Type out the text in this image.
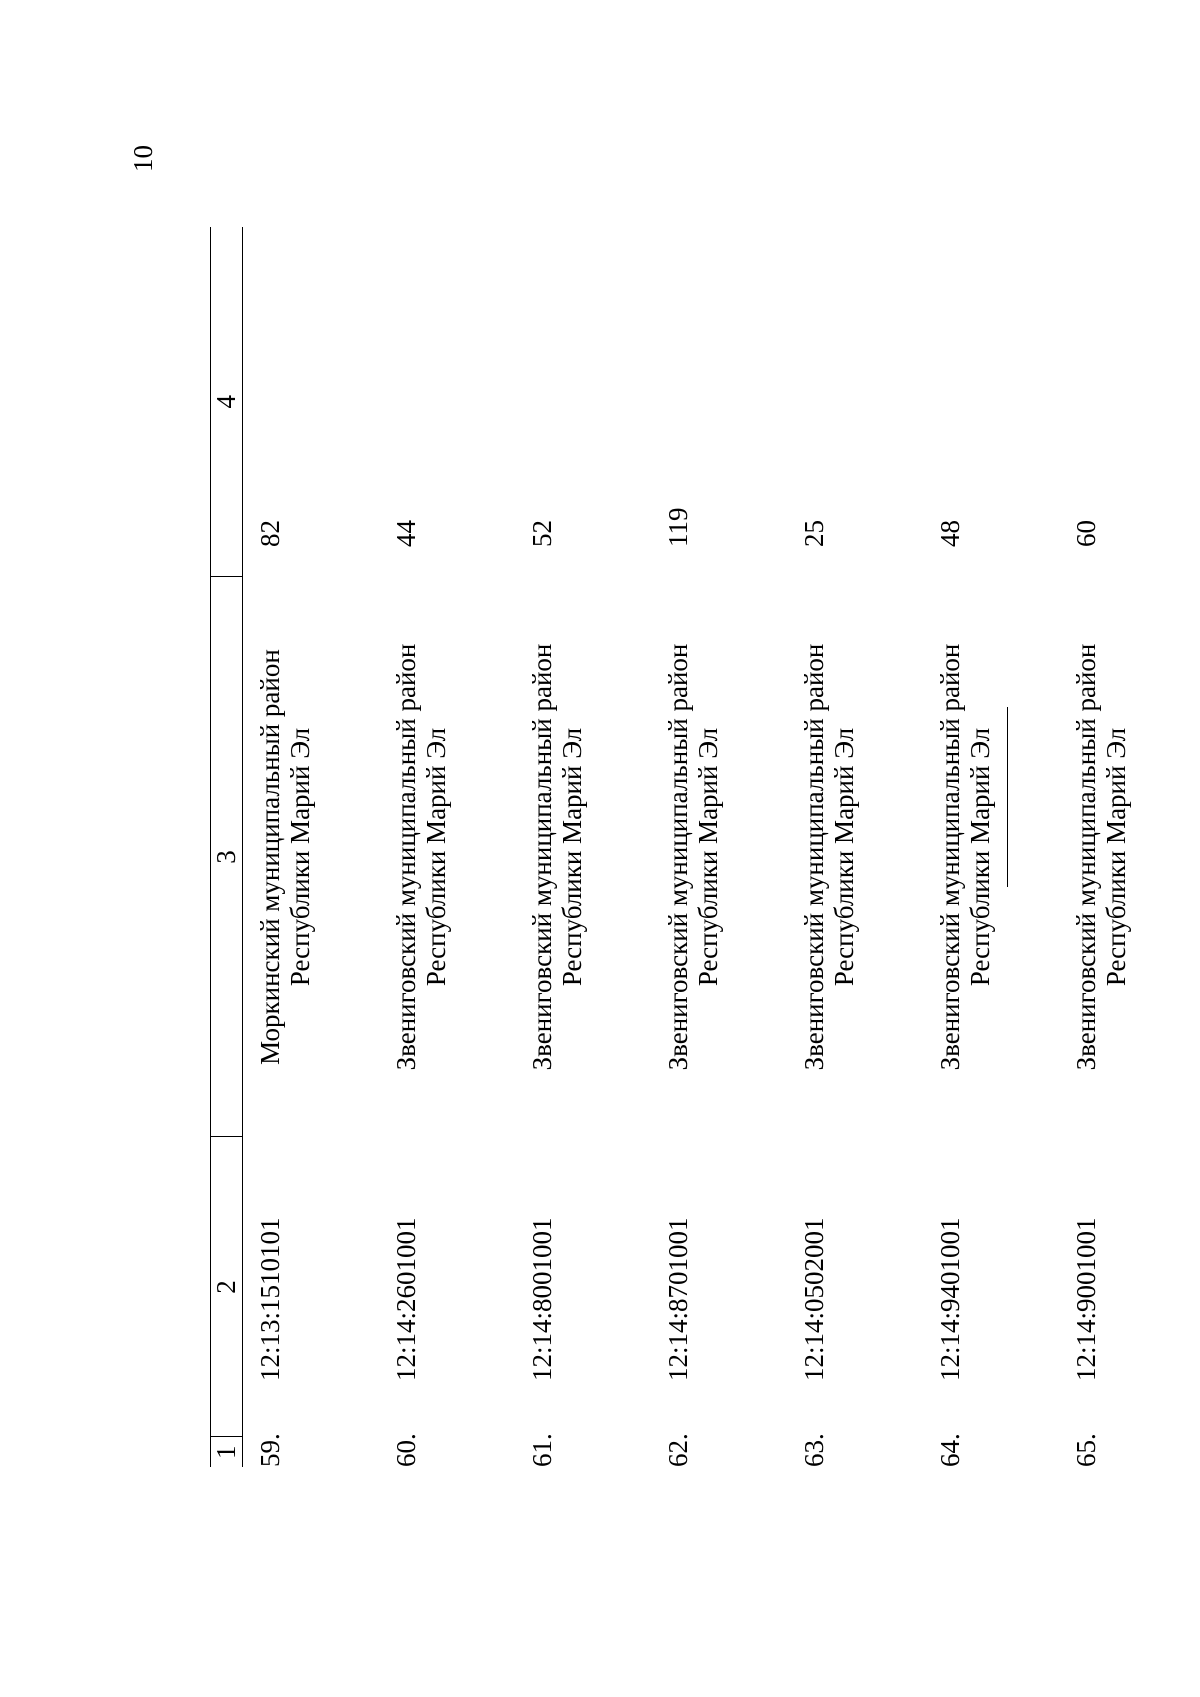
10
1	2	3	4
59.	12:13:1510101	Моркинский муниципальный район Республики Марий Эл	82
60.	12:14:2601001	Звениговский муниципальный район Республики Марий Эл	44
61.	12:14:8001001	Звениговский муниципальный район Республики Марий Эл	52
62.	12:14:8701001	Звениговский муниципальный район Республики Марий Эл	119
63.	12:14:0502001	Звениговский муниципальный район Республики Марий Эл	25
64.	12:14:9401001	Звениговский муниципальный район Республики Марий Эл	48
65.	12:14:9001001	Звениговский муниципальный район Республики Марий Эл	60
